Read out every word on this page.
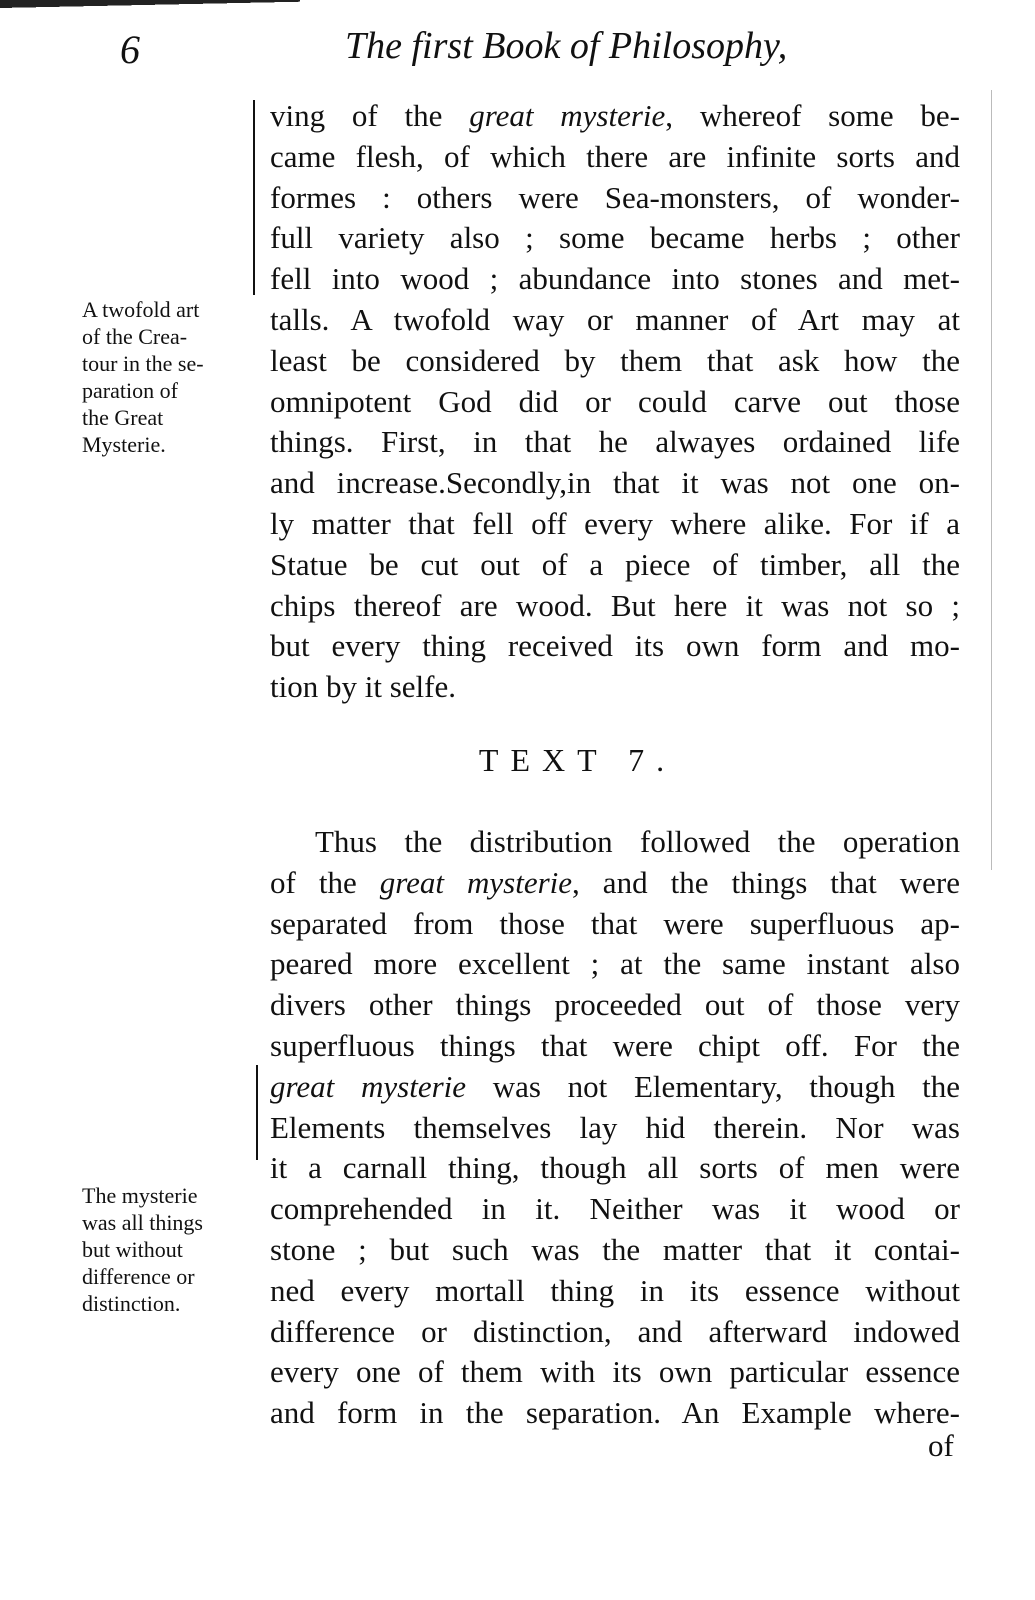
6	The first Book of Philosophy,
A twofold art
of the Crea-
tour in the se-
paration of
the Great
Mysterie.
ving of the great mysterie, whereof some be-
came flesh, of which there are infinite sorts and
formes : others were Sea-monsters, of wonder-
full variety also ; some became herbs ; other
fell into wood ; abundance into stones and met-
talls. A twofold way or manner of Art may at
least be considered by them that ask how the
omnipotent God did or could carve out those
things. First, in that he alwayes ordained life
and increase.Secondly,in that it was not one on-
ly matter that fell off every where alike. For if a
Statue be cut out of a piece of timber, all the
chips thereof are wood. But here it was not so ;
but every thing received its own form and mo-
tion by it selfe.
TEXT 7.
Thus the distribution followed the operation
of the great mysterie, and the things that were
separated from those that were superfluous ap-
peared more excellent ; at the same instant also
divers other things proceeded out of those very
superfluous things that were chipt off. For the
great mysterie was not Elementary, though the
Elements themselves lay hid therein. Nor was
it a carnall thing, though all sorts of men were
comprehended in it. Neither was it wood or
stone ; but such was the matter that it contai-
ned every mortall thing in its essence without
difference or distinction, and afterward indowed
every one of them with its own particular essence
and form in the separation. An Example where-
The mysterie
was all things
but without
difference or
distinction.
of
